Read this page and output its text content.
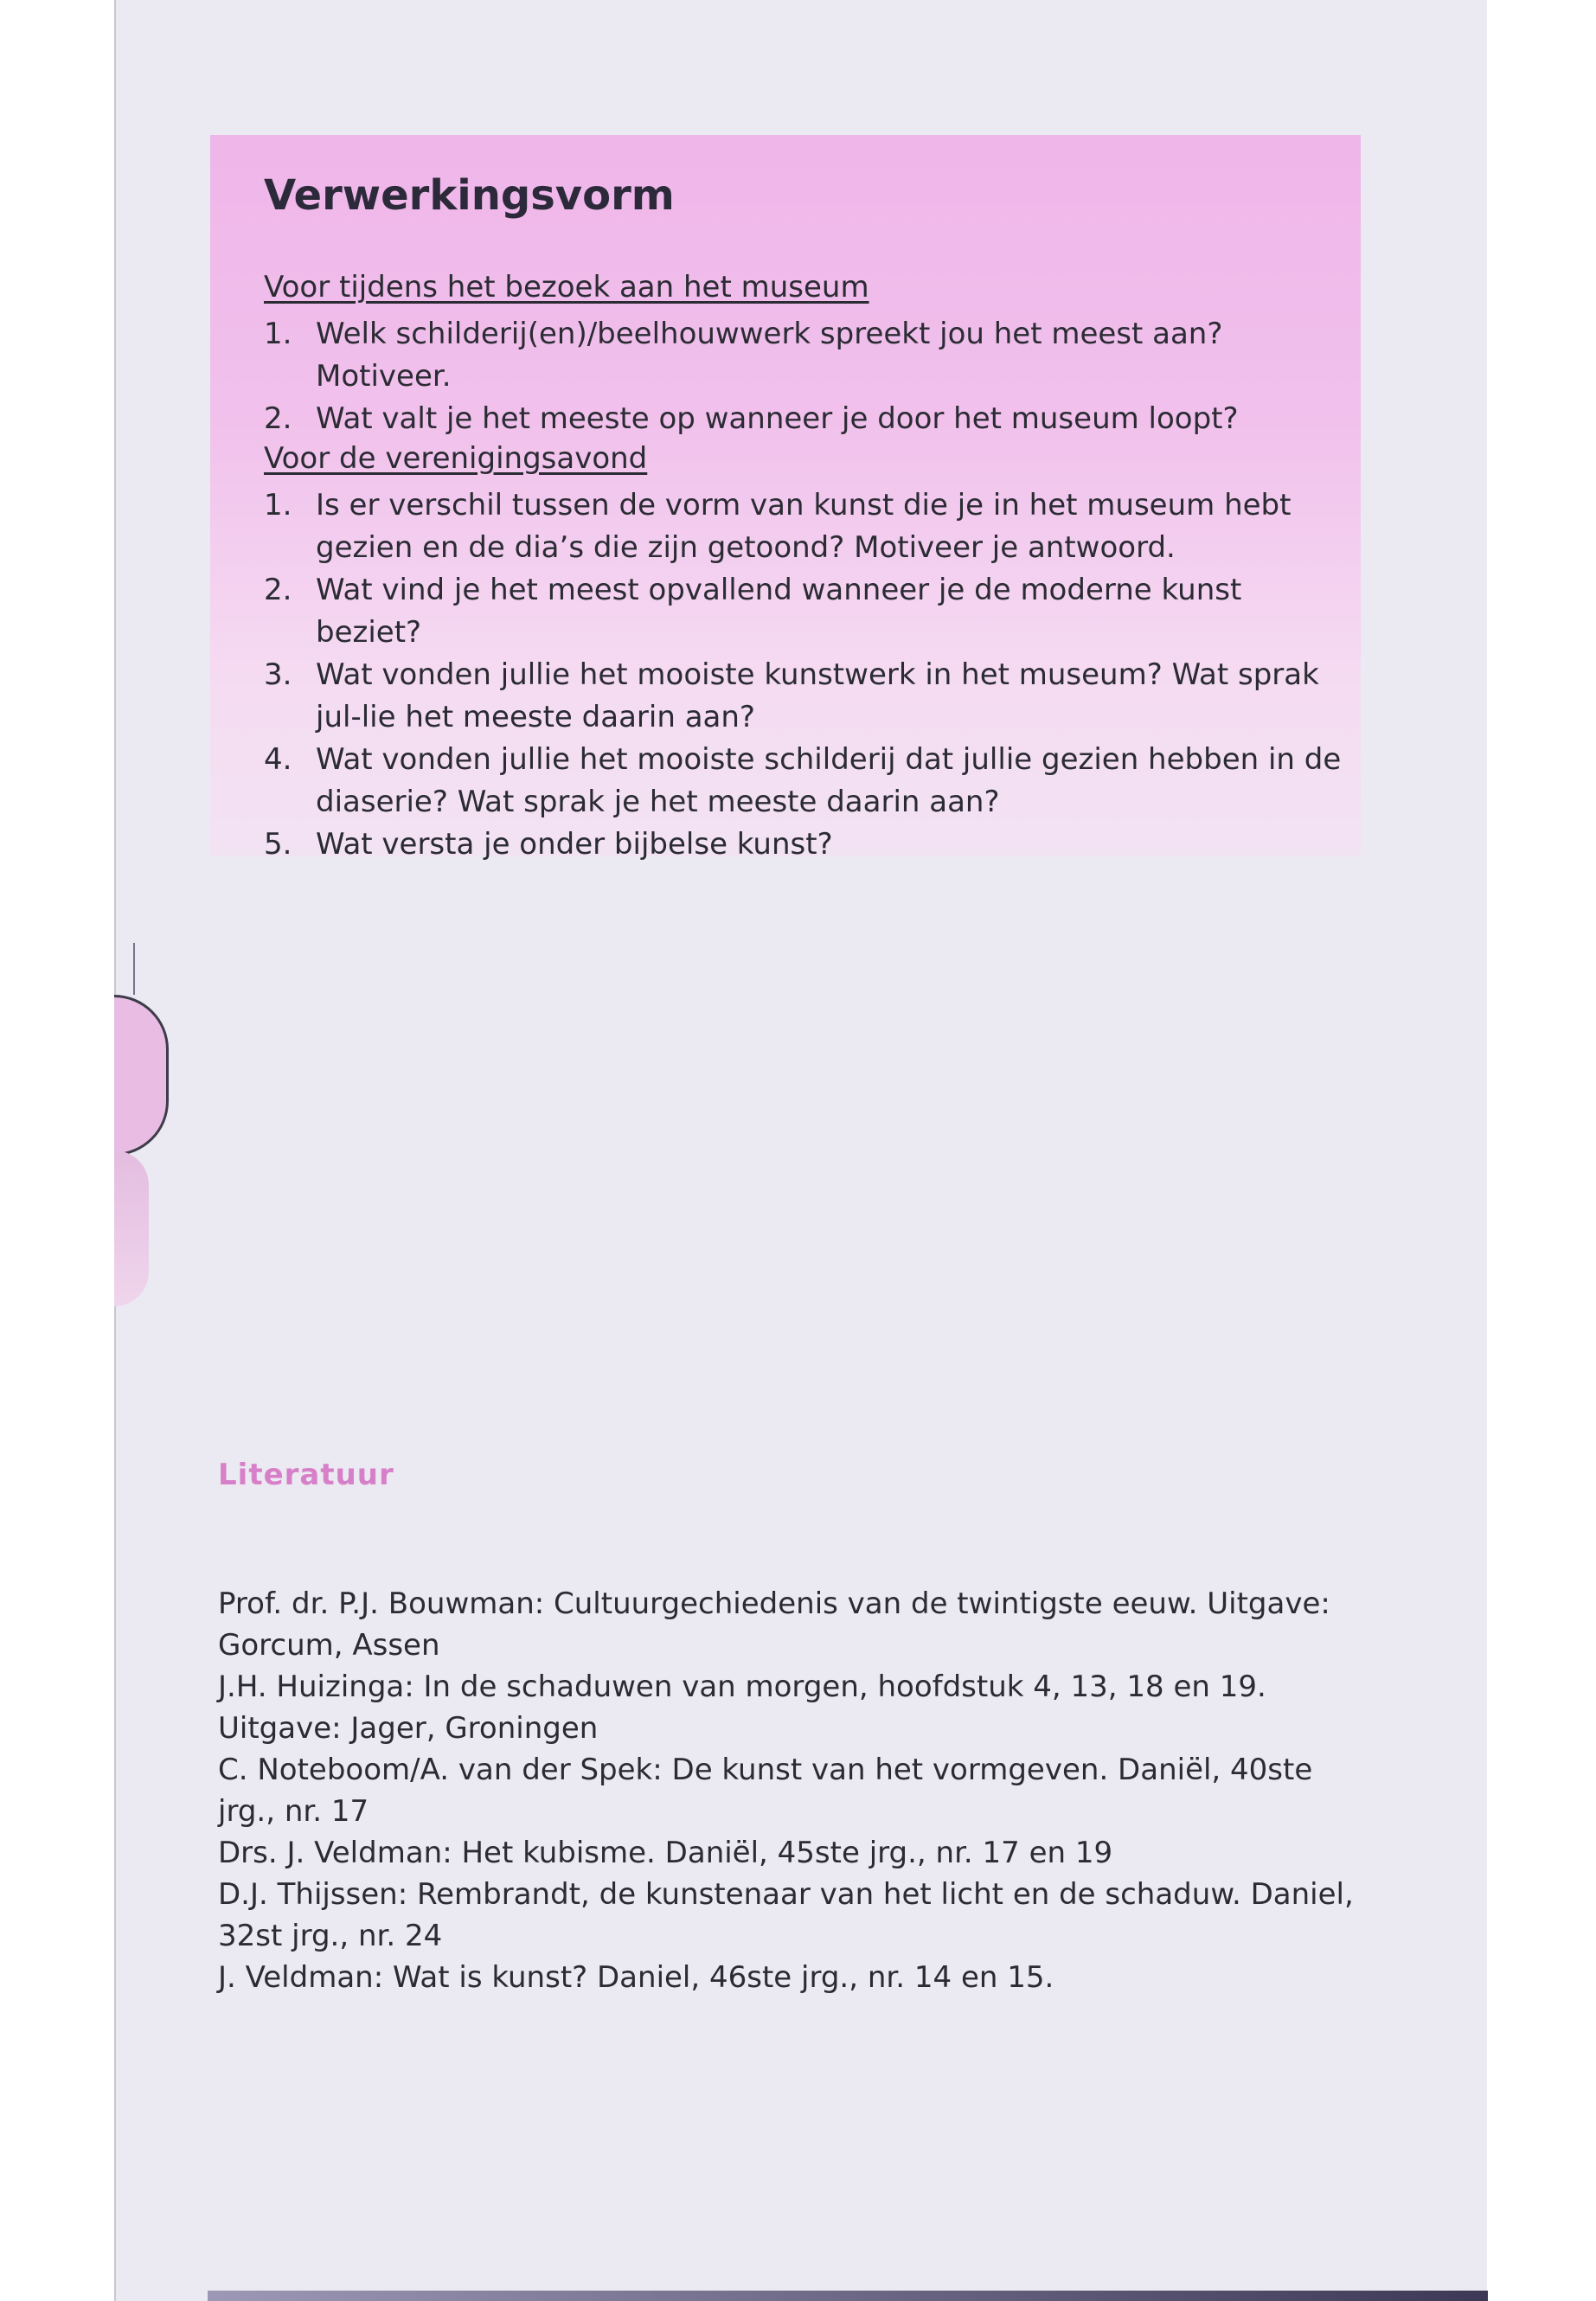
Verwerkingsvorm

Voor tijdens het bezoek aan het museum

1. Welk schilderij(en)/beelhouwwerk spreekt jou het meest aan? Motiveer.
2. Wat valt je het meeste op wanneer je door het museum loopt?

Voor de verenigingsavond

1. Is er verschil tussen de vorm van kunst die je in het museum hebt gezien en de dia’s die zijn getoond? Motiveer je antwoord.
2. Wat vind je het meest opvallend wanneer je de moderne kunst beziet?
3. Wat vonden jullie het mooiste kunstwerk in het museum? Wat sprak jul-lie het meeste daarin aan?
4. Wat vonden jullie het mooiste schilderij dat jullie gezien hebben in de diaserie? Wat sprak je het meeste daarin aan?
5. Wat versta je onder bijbelse kunst?
Literatuur
Prof. dr. P.J. Bouwman: Cultuurgechiedenis van de twintigste eeuw. Uitgave: Gorcum, Assen
J.H. Huizinga: In de schaduwen van morgen, hoofdstuk 4, 13, 18 en 19. Uitgave: Jager, Groningen
C. Noteboom/A. van der Spek: De kunst van het vormgeven. Daniël, 40ste jrg., nr. 17
Drs. J. Veldman: Het kubisme. Daniël, 45ste jrg., nr. 17 en 19
D.J. Thijssen: Rembrandt, de kunstenaar van het licht en de schaduw. Daniel, 32st jrg., nr. 24
J. Veldman: Wat is kunst? Daniel, 46ste jrg., nr. 14 en 15.
